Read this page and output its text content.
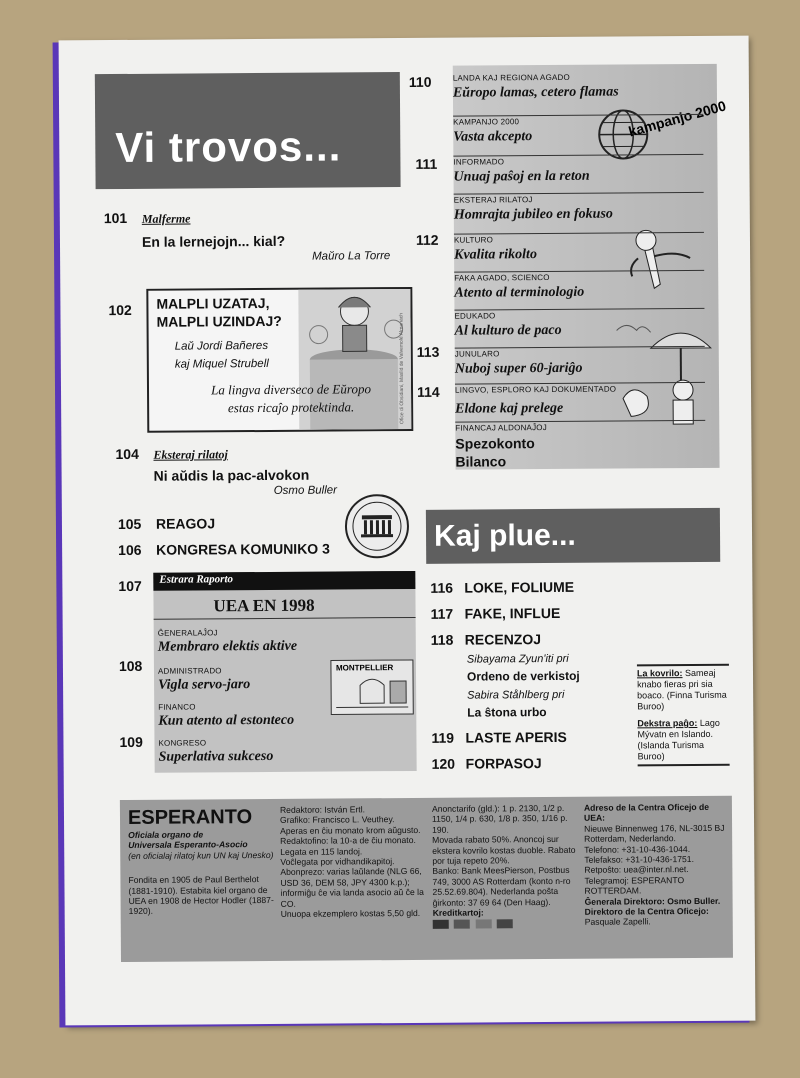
Vi trovos...
101 Malferme
En la lernejojn... kial?
Maŭro La Torre
102
Ofice di Obsidiani, Maslid de Valvemolé Almanach
MALPLI UZATAJ,
MALPLI UZINDAJ?
Laŭ Jordi Bañeres
kaj Miquel Strubell
La lingva diverseco de Eŭropo
estas ricaĵo protektinda.
104 Eksteraj rilatoj
Ni aŭdis la pac-alvokon
Osmo Buller
105 REAGOJ
106 KONGRESA KOMUNIKO 3
110
111
112
113
114
kampanjo 2000
LANDA KAJ REGIONA AGADO
Eŭropo lamas, cetero flamas
KAMPANJO 2000
Vasta akcepto
INFORMADO
Unuaj paŝoj en la reton
EKSTERAJ RILATOJ
Homrajta jubileo en fokuso
KULTURO
Kvalita rikolto
FAKA AGADO, SCIENCO
Atento al terminologio
EDUKADO
Al kulturo de paco
JUNULARO
Nuboj super 60-jariĝo
LINGVO, ESPLORO KAJ DOKUMENTADO
Eldone kaj prelege
FINANCAJ ALDONAĴOJ
Spezokonto
Bilanco
Kaj plue...
116 LOKE, FOLIUME
117 FAKE, INFLUE
118 RECENZOJ
Sibayama Zyun'iti pri
Ordeno de verkistoj
Sabira Ståhlberg pri
La ŝtona urbo
119 LASTE APERIS
120 FORPASOJ
La kovrilo: Sameaj knabo fieras pri sia boaco. (Finna Turisma Buroo)
Dekstra paĝo: Lago Mývatn en Islando. (Islanda Turisma Buroo)
107 Estrara Raporto
UEA EN 1998
ĜENERALAĴOJ
Membraro elektis aktive
ADMINISTRADO
Vigla servo-jaro
FINANCO
Kun atento al estonteco
KONGRESO
Superlativa sukceso
MONTPELLIER
108
109
ESPERANTO
Oficiala organo de
Universala Esperanto-Asocio
(en oficialaj rilatoj kun UN kaj Unesko)
Fondita en 1905 de Paul Berthelot (1881-1910). Estabita kiel organo de UEA en 1908 de Hector Hodler (1887-1920).
Redaktoro: István Ertl.
Grafiko: Francisco L. Veuthey.
Aperas en ĉiu monato krom aŭgusto.
Redaktofino: la 10-a de ĉiu monato.
Legata en 115 landoj.
Voĉlegata por vidhandikapitoj.
Abonprezo: varias laŭlande (NLG 66, USD 36, DEM 58, JPY 4300 k.p.); informiĝu ĉe via landa asocio aŭ ĉe la CO.
Unuopa ekzemplero kostas 5,50 gld.
Anonctarifo (gld.): 1 p. 2130, 1/2 p. 1150, 1/4 p. 630, 1/8 p. 350, 1/16 p. 190.
Movada rabato 50%. Anoncoj sur ekstera kovrilo kostas duoble. Rabato por tuja repeto 20%.
Banko: Bank MeesPierson, Postbus 749, 3000 AS Rotterdam (konto n-ro 25.52.69.804). Nederlanda poŝta ĝirkonto: 37 69 64 (Den Haag).
Kreditkartoj:

Adreso de la Centra Oficejo de UEA:
Nieuwe Binnenweg 176, NL-3015 BJ Rotterdam, Nederlando.
Telefono: +31-10-436-1044.
Telefakso: +31-10-436-1751.
Retpoŝto: uea@inter.nl.net.
Telegramoj: ESPERANTO ROTTERDAM.
Ĝenerala Direktoro: Osmo Buller.
Direktoro de la Centra Oficejo:
Pasquale Zapelli.
